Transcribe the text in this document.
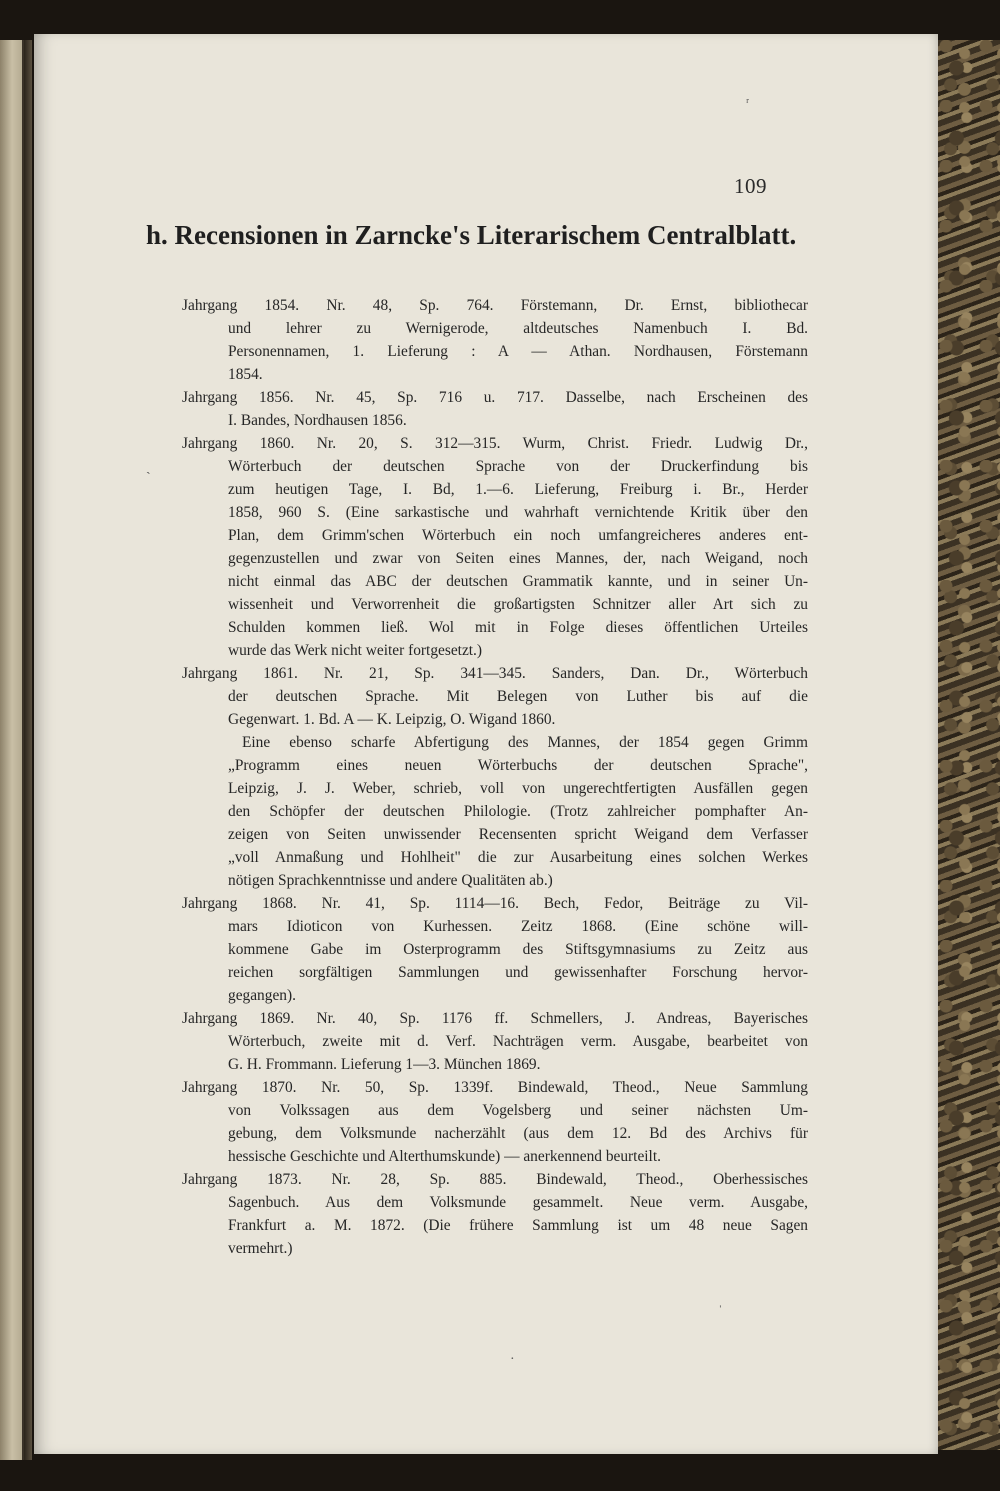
ʳ
ˈ
·
ˎ
109
h. Recensionen in Zarncke's Literarischem Centralblatt.
Jahrgang 1854. Nr. 48, Sp. 764. Förstemann, Dr. Ernst, bibliothecar
und lehrer zu Wernigerode, altdeutsches Namenbuch I. Bd.
Personennamen, 1. Lieferung : A — Athan. Nordhausen, Förstemann
1854.
Jahrgang 1856. Nr. 45, Sp. 716 u. 717. Dasselbe, nach Erscheinen des
I. Bandes, Nordhausen 1856.
Jahrgang 1860. Nr. 20, S. 312—315. Wurm, Christ. Friedr. Ludwig Dr.,
Wörterbuch der deutschen Sprache von der Druckerfindung bis
zum heutigen Tage, I. Bd, 1.—6. Lieferung, Freiburg i. Br., Herder
1858, 960 S. (Eine sarkastische und wahrhaft vernichtende Kritik über den
Plan, dem Grimm'schen Wörterbuch ein noch umfangreicheres anderes ent-
gegenzustellen und zwar von Seiten eines Mannes, der, nach Weigand, noch
nicht einmal das ABC der deutschen Grammatik kannte, und in seiner Un-
wissenheit und Verworrenheit die großartigsten Schnitzer aller Art sich zu
Schulden kommen ließ. Wol mit in Folge dieses öffentlichen Urteiles
wurde das Werk nicht weiter fortgesetzt.)
Jahrgang 1861. Nr. 21, Sp. 341—345. Sanders, Dan. Dr., Wörterbuch
der deutschen Sprache. Mit Belegen von Luther bis auf die
Gegenwart. 1. Bd. A — K. Leipzig, O. Wigand 1860.
Eine ebenso scharfe Abfertigung des Mannes, der 1854 gegen Grimm
„Programm eines neuen Wörterbuchs der deutschen Sprache",
Leipzig, J. J. Weber, schrieb, voll von ungerechtfertigten Ausfällen gegen
den Schöpfer der deutschen Philologie. (Trotz zahlreicher pomphafter An-
zeigen von Seiten unwissender Recensenten spricht Weigand dem Verfasser
„voll Anmaßung und Hohlheit" die zur Ausarbeitung eines solchen Werkes
nötigen Sprachkenntnisse und andere Qualitäten ab.)
Jahrgang 1868. Nr. 41, Sp. 1114—16. Bech, Fedor, Beiträge zu Vil-
mars Idioticon von Kurhessen. Zeitz 1868. (Eine schöne will-
kommene Gabe im Osterprogramm des Stiftsgymnasiums zu Zeitz aus
reichen sorgfältigen Sammlungen und gewissenhafter Forschung hervor-
gegangen).
Jahrgang 1869. Nr. 40, Sp. 1176 ff. Schmellers, J. Andreas, Bayerisches
Wörterbuch, zweite mit d. Verf. Nachträgen verm. Ausgabe, bearbeitet von
G. H. Frommann. Lieferung 1—3. München 1869.
Jahrgang 1870. Nr. 50, Sp. 1339f. Bindewald, Theod., Neue Sammlung
von Volkssagen aus dem Vogelsberg und seiner nächsten Um-
gebung, dem Volksmunde nacherzählt (aus dem 12. Bd des Archivs für
hessische Geschichte und Alterthumskunde) — anerkennend beurteilt.
Jahrgang 1873. Nr. 28, Sp. 885. Bindewald, Theod., Oberhessisches
Sagenbuch. Aus dem Volksmunde gesammelt. Neue verm. Ausgabe,
Frankfurt a. M. 1872. (Die frühere Sammlung ist um 48 neue Sagen
vermehrt.)
